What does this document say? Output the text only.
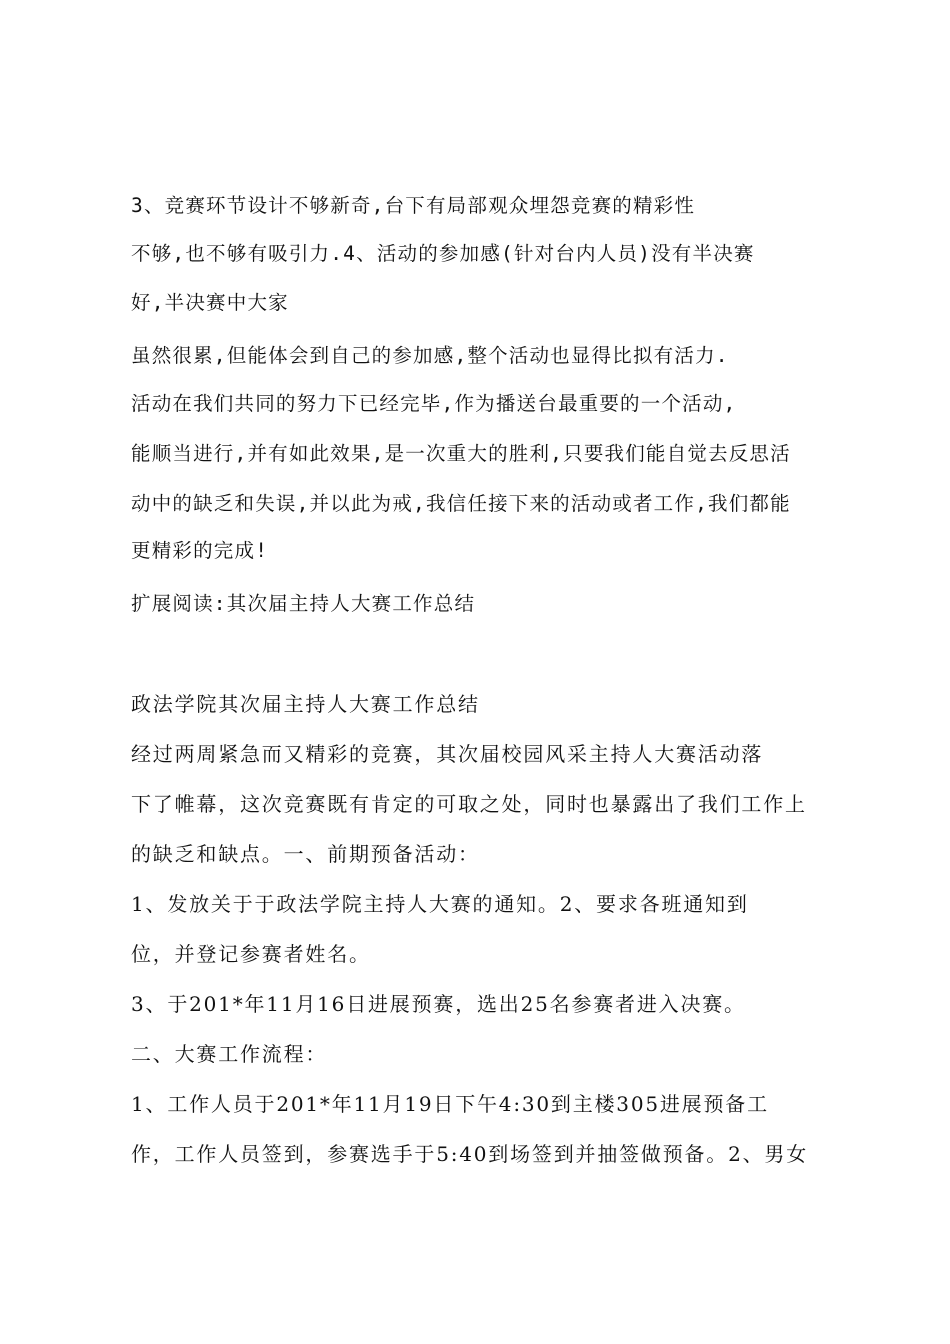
3、竞赛环节设计不够新奇,台下有局部观众埋怨竞赛的精彩性
不够,也不够有吸引力.4、活动的参加感(针对台内人员)没有半决赛
好,半决赛中大家
虽然很累,但能体会到自己的参加感,整个活动也显得比拟有活力.
活动在我们共同的努力下已经完毕,作为播送台最重要的一个活动,
能顺当进行,并有如此效果,是一次重大的胜利,只要我们能自觉去反思活
动中的缺乏和失误,并以此为戒,我信任接下来的活动或者工作,我们都能
更精彩的完成!
扩展阅读:其次届主持人大赛工作总结
政法学院其次届主持人大赛工作总结
经过两周紧急而又精彩的竞赛，其次届校园风采主持人大赛活动落
下了帷幕，这次竞赛既有肯定的可取之处，同时也暴露出了我们工作上
的缺乏和缺点。一、前期预备活动：
1、发放关于于政法学院主持人大赛的通知。2、要求各班通知到
位，并登记参赛者姓名。
3、于201*年11月16日进展预赛，选出25名参赛者进入决赛。
二、大赛工作流程：
1、工作人员于201*年11月19日下午4:30到主楼305进展预备工
作，工作人员签到，参赛选手于5:40到场签到并抽签做预备。2、男女
